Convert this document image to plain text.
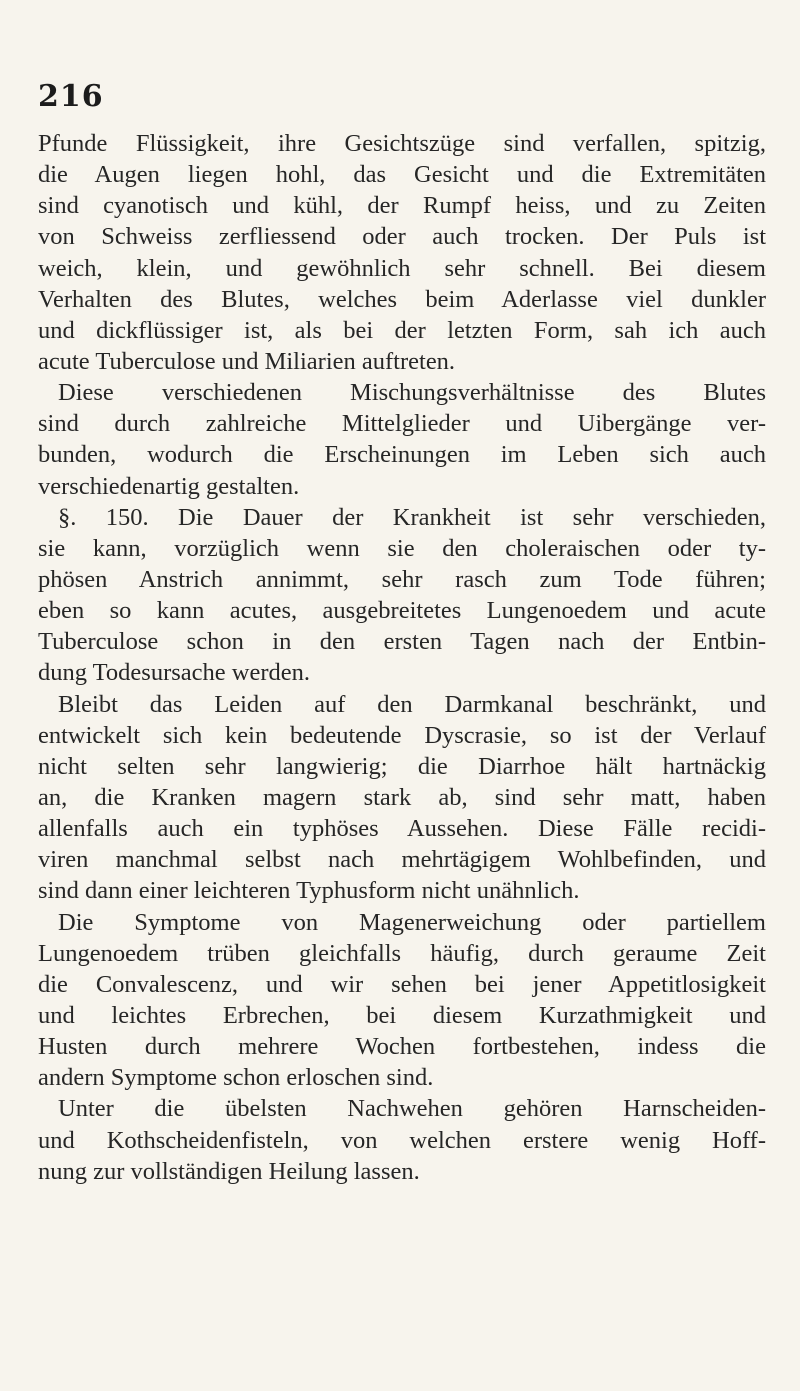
216
Pfunde Flüssigkeit, ihre Gesichtszüge sind verfallen, spitzig,
die Augen liegen hohl, das Gesicht und die Extremitäten
sind cyanotisch und kühl, der Rumpf heiss, und zu Zeiten
von Schweiss zerfliessend oder auch trocken. Der Puls ist
weich, klein, und gewöhnlich sehr schnell. Bei diesem
Verhalten des Blutes, welches beim Aderlasse viel dunkler
und dickflüssiger ist, als bei der letzten Form, sah ich auch
acute Tuberculose und Miliarien auftreten.
Diese verschiedenen Mischungsverhältnisse des Blutes
sind durch zahlreiche Mittelglieder und Uibergänge ver-
bunden, wodurch die Erscheinungen im Leben sich auch
verschiedenartig gestalten.
§. 150. Die Dauer der Krankheit ist sehr verschieden,
sie kann, vorzüglich wenn sie den choleraischen oder ty-
phösen Anstrich annimmt, sehr rasch zum Tode führen;
eben so kann acutes, ausgebreitetes Lungenoedem und acute
Tuberculose schon in den ersten Tagen nach der Entbin-
dung Todesursache werden.
Bleibt das Leiden auf den Darmkanal beschränkt, und
entwickelt sich kein bedeutende Dyscrasie, so ist der Verlauf
nicht selten sehr langwierig; die Diarrhoe hält hartnäckig
an, die Kranken magern stark ab, sind sehr matt, haben
allenfalls auch ein typhöses Aussehen. Diese Fälle recidi-
viren manchmal selbst nach mehrtägigem Wohlbefinden, und
sind dann einer leichteren Typhusform nicht unähnlich.
Die Symptome von Magenerweichung oder partiellem
Lungenoedem trüben gleichfalls häufig, durch geraume Zeit
die Convalescenz, und wir sehen bei jener Appetitlosigkeit
und leichtes Erbrechen, bei diesem Kurzathmigkeit und
Husten durch mehrere Wochen fortbestehen, indess die
andern Symptome schon erloschen sind.
Unter die übelsten Nachwehen gehören Harnscheiden-
und Kothscheidenfisteln, von welchen erstere wenig Hoff-
nung zur vollständigen Heilung lassen.
